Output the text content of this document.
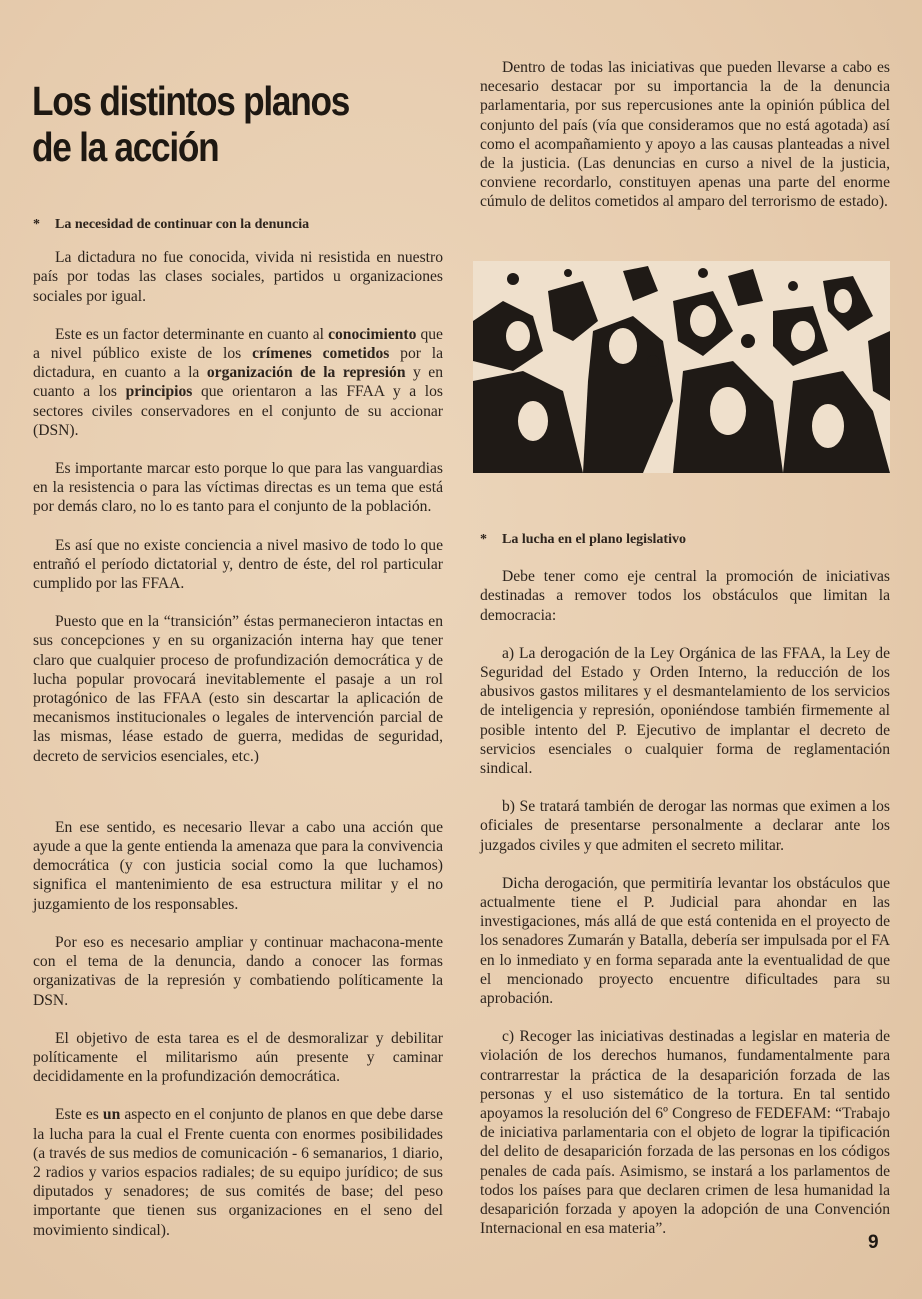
Los distintos planos
de la acción

* La necesidad de continuar con la denuncia

La dictadura no fue conocida, vivida ni resistida en nuestro país por todas las clases sociales, partidos u organizaciones sociales por igual.

Este es un factor determinante en cuanto al conocimiento que a nivel público existe de los crímenes cometidos por la dictadura, en cuanto a la organización de la represión y en cuanto a los principios que orientaron a las FFAA y a los sectores civiles conservadores en el conjunto de su accionar (DSN).

Es importante marcar esto porque lo que para las vanguardias en la resistencia o para las víctimas directas es un tema que está por demás claro, no lo es tanto para el conjunto de la población.

Es así que no existe conciencia a nivel masivo de todo lo que entrañó el período dictatorial y, dentro de éste, del rol particular cumplido por las FFAA.

Puesto que en la “transición” éstas permanecieron intactas en sus concepciones y en su organización interna hay que tener claro que cualquier proceso de profundización democrática y de lucha popular provocará inevitablemente el pasaje a un rol protagónico de las FFAA (esto sin descartar la aplicación de mecanismos institucionales o legales de intervención parcial de las mismas, léase estado de guerra, medidas de seguridad, decreto de servicios esenciales, etc.)

En ese sentido, es necesario llevar a cabo una acción que ayude a que la gente entienda la amenaza que para la convivencia democrática (y con justicia social como la que luchamos) significa el mantenimiento de esa estructura militar y el no juzgamiento de los responsables.

Por eso es necesario ampliar y continuar machacona-mente con el tema de la denuncia, dando a conocer las formas organizativas de la represión y combatiendo políticamente la DSN.

El objetivo de esta tarea es el de desmoralizar y debilitar políticamente el militarismo aún presente y caminar decididamente en la profundización democrática.

Este es un aspecto en el conjunto de planos en que debe darse la lucha para la cual el Frente cuenta con enormes posibilidades (a través de sus medios de comunicación - 6 semanarios, 1 diario, 2 radios y varios espacios radiales; de su equipo jurídico; de sus diputados y senadores; de sus comités de base; del peso importante que tienen sus organizaciones en el seno del movimiento sindical).

Dentro de todas las iniciativas que pueden llevarse a cabo es necesario destacar por su importancia la de la denuncia parlamentaria, por sus repercusiones ante la opinión pública del conjunto del país (vía que consideramos que no está agotada) así como el acompañamiento y apoyo a las causas planteadas a nivel de la justicia. (Las denuncias en curso a nivel de la justicia, conviene recordarlo, constituyen apenas una parte del enorme cúmulo de delitos cometidos al amparo del terrorismo de estado).

* La lucha en el plano legislativo

Debe tener como eje central la promoción de iniciativas destinadas a remover todos los obstáculos que limitan la democracia:

a) La derogación de la Ley Orgánica de las FFAA, la Ley de Seguridad del Estado y Orden Interno, la reducción de los abusivos gastos militares y el desmantelamiento de los servicios de inteligencia y represión, oponiéndose también firmemente al posible intento del P. Ejecutivo de implantar el decreto de servicios esenciales o cualquier forma de reglamentación sindical.

b) Se tratará también de derogar las normas que eximen a los oficiales de presentarse personalmente a declarar ante los juzgados civiles y que admiten el secreto militar.

Dicha derogación, que permitiría levantar los obstáculos que actualmente tiene el P. Judicial para ahondar en las investigaciones, más allá de que está contenida en el proyecto de los senadores Zumarán y Batalla, debería ser impulsada por el FA en lo inmediato y en forma separada ante la eventualidad de que el mencionado proyecto encuentre dificultades para su aprobación.

c) Recoger las iniciativas destinadas a legislar en materia de violación de los derechos humanos, fundamentalmente para contrarrestar la práctica de la desaparición forzada de las personas y el uso sistemático de la tortura. En tal sentido apoyamos la resolución del 6º Congreso de FEDEFAM: “Trabajo de iniciativa parlamentaria con el objeto de lograr la tipificación del delito de desaparición forzada de las personas en los códigos penales de cada país. Asimismo, se instará a los parlamentos de todos los países para que declaren crimen de lesa humanidad la desaparición forzada y apoyen la adopción de una Convención Internacional en esa materia”.

9
